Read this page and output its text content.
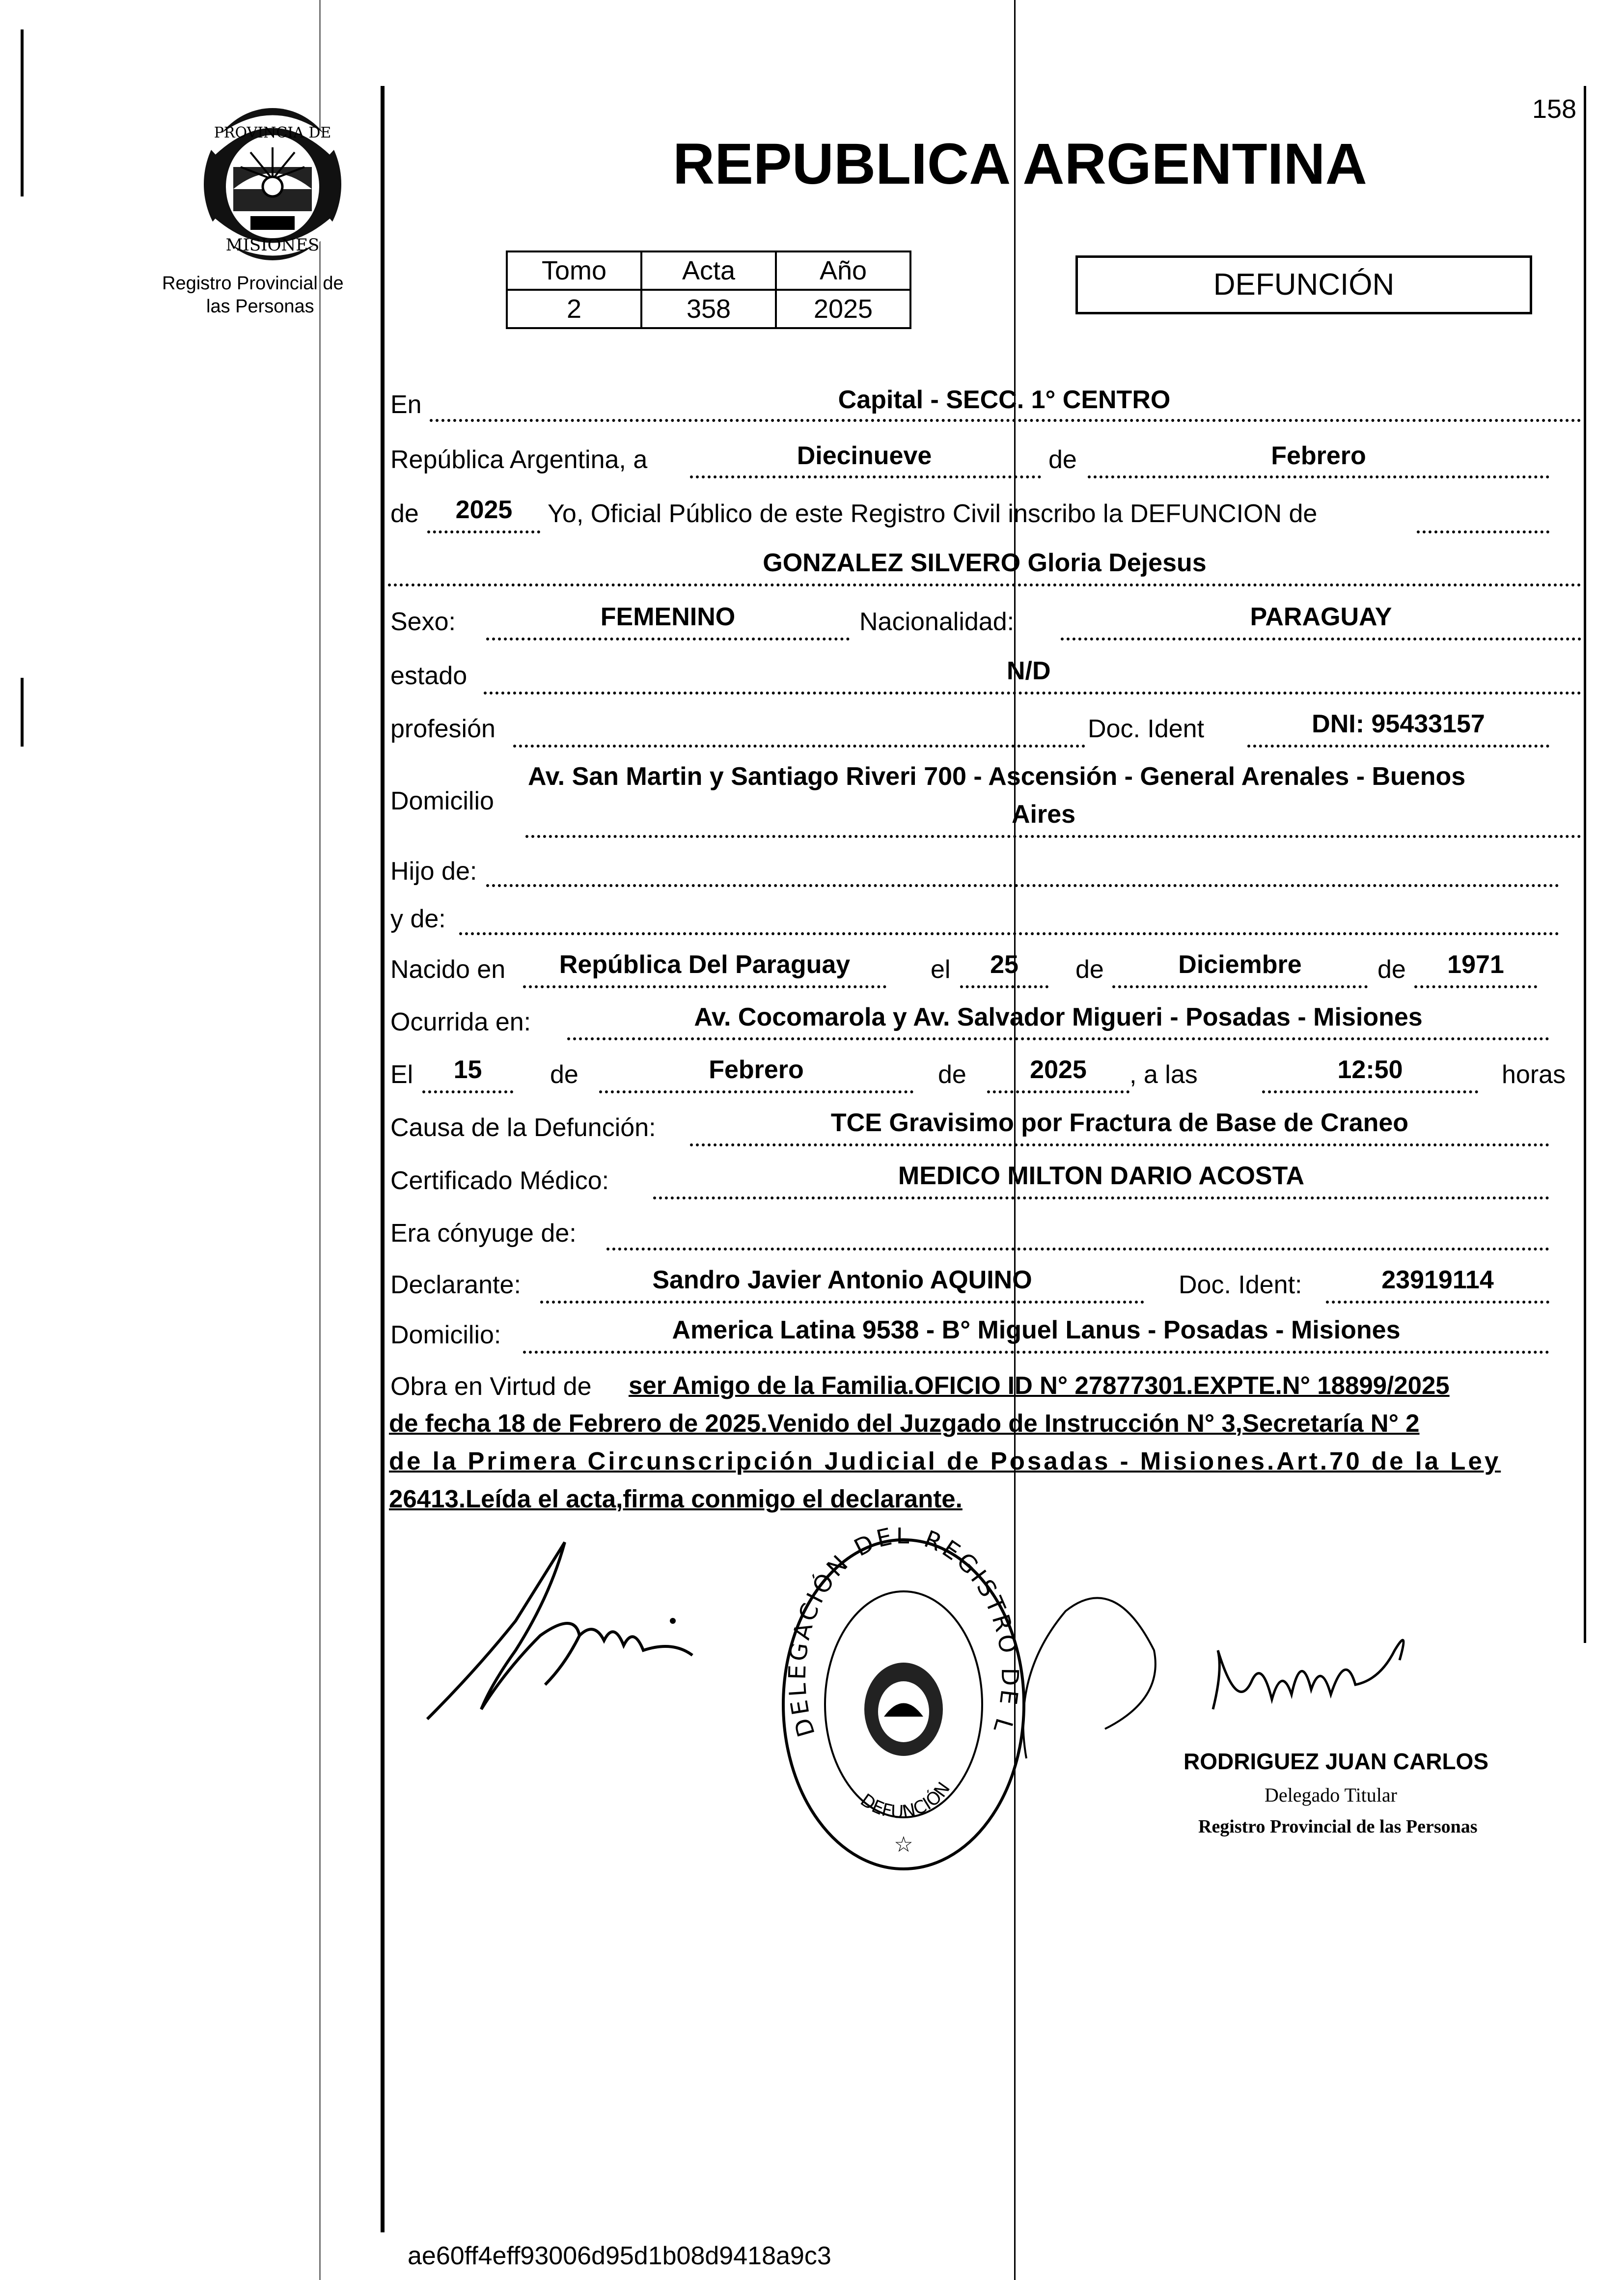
158
PROVINCIA DE
MISIONES
Registro Provincial de
las Personas
REPUBLICA ARGENTINA
Tomo	Acta	Año
2	358	2025
DEFUNCIÓN
En	Capital - SECC. 1° CENTRO
República Argentina, a	Diecinueve	de	Febrero
de	2025	Yo, Oficial Público de este Registro Civil inscribo la DEFUNCION de
GONZALEZ SILVERO Gloria Dejesus
Sexo:	FEMENINO	Nacionalidad:	PARAGUAY
estado	N/D
profesión	Doc. Ident	DNI: 95433157
Domicilio
Av. San Martin y Santiago Riveri 700 - Ascensión - General Arenales - Buenos
Aires
Hijo de:
y de:
Nacido en	República Del Paraguay	el	25	de	Diciembre	de	1971
Ocurrida en:	Av. Cocomarola y Av. Salvador Migueri - Posadas - Misiones
El	15	de	Febrero	de	2025	, a las	12:50	horas
Causa de la Defunción:	TCE Gravisimo por Fractura de Base de Craneo
Certificado Médico:	MEDICO MILTON DARIO ACOSTA
Era cónyuge de:
Declarante:	Sandro Javier Antonio AQUINO	Doc. Ident:	23919114
Domicilio:	America Latina 9538 - B° Miguel Lanus - Posadas - Misiones
Obra en Virtud de ser Amigo de la Familia.OFICIO ID N° 27877301.EXPTE.N° 18899/2025
de fecha 18 de Febrero de 2025.Venido del Juzgado de Instrucción N° 3,Secretaría N° 2
de la Primera Circunscripción Judicial de Posadas - Misiones.Art.70 de la Ley
26413.Leída el acta,firma conmigo el declarante.
DELEGACIÓN DEL REGISTRO DE L
DEFUNCIÓN
☆
RODRIGUEZ JUAN CARLOS
Delegado Titular
Registro Provincial de las Personas
ae60ff4eff93006d95d1b08d9418a9c3
